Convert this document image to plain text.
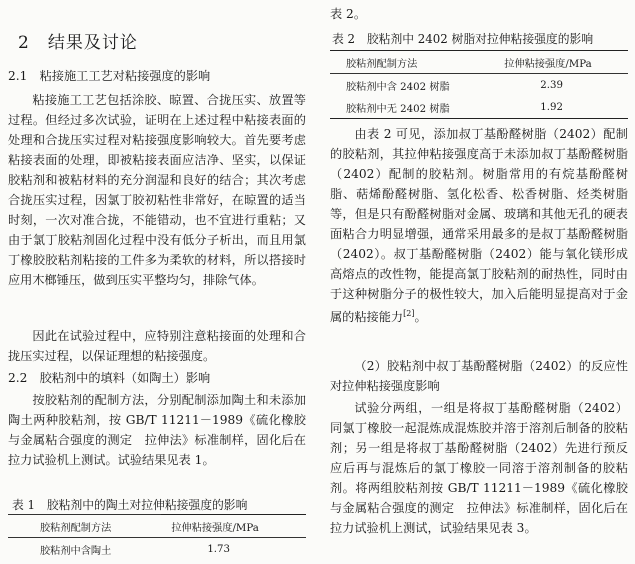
2　结果及讨论
2.1　粘接施工工艺对粘接强度的影响

粘接施工工艺包括涂胶、晾置、合拢压实、放置等过程。但经过多次试验，证明在上述过程中粘接表面的处理和合拢压实过程对粘接强度影响较大。首先要考虑粘接表面的处理，即被粘接表面应洁净、坚实，以保证胶粘剂和被粘材料的充分润湿和良好的结合；其次考虑合拢压实过程，因氯丁胶初粘性非常好，在晾置的适当时刻，一次对准合拢，不能错动，也不宜进行重粘；又由于氯丁胶粘剂固化过程中没有低分子析出，而且用氯丁橡胶胶粘剂粘接的工件多为柔软的材料，所以搭接时应用木榔锤压，做到压实平整均匀，排除气体。

因此在试验过程中，应特别注意粘接面的处理和合拢压实过程，以保证理想的粘接强度。

2.2　胶粘剂中的填料（如陶土）影响

按胶粘剂的配制方法，分别配制添加陶土和未添加陶土两种胶粘剂，按 GB/T 11211－1989《硫化橡胶与金属粘合强度的测定　拉伸法》标准制样，固化后在拉力试验机上测试。试验结果见表 1。

表 1　胶粘剂中的陶土对拉伸粘接强度的影响
胶粘剂配制方法	拉伸粘接强度/MPa
胶粘剂中含陶土	1.73
表 2。
表 2　胶粘剂中 2402 树脂对拉伸粘接强度的影响
胶粘剂配制方法	拉伸粘接强度/MPa
胶粘剂中含 2402 树脂	2.39
胶粘剂中无 2402 树脂	1.92

由表 2 可见，添加叔丁基酚醛树脂（2402）配制的胶粘剂，其拉伸粘接强度高于未添加叔丁基酚醛树脂（2402）配制的胶粘剂。树脂常用的有烷基酚醛树脂、萜烯酚醛树脂、氢化松香、松香树脂、烃类树脂等，但是只有酚醛树脂对金属、玻璃和其他无孔的硬表面粘合力明显增强，通常采用最多的是叔丁基酚醛树脂（2402）。叔丁基酚醛树脂（2402）能与氧化镁形成高熔点的改性物，能提高氯丁胶粘剂的耐热性，同时由于这种树脂分子的极性较大，加入后能明显提高对于金属的粘接能力[2]。

（2）胶粘剂中叔丁基酚醛树脂（2402）的反应性对拉伸粘接强度影响

试验分两组，一组是将叔丁基酚醛树脂（2402）同氯丁橡胶一起混炼成混炼胶并溶于溶剂后制备的胶粘剂；另一组是将叔丁基酚醛树脂（2402）先进行预反应后再与混炼后的氯丁橡胶一同溶于溶剂制备的胶粘剂。将两组胶粘剂按 GB/T 11211－1989《硫化橡胶与金属粘合强度的测定　拉伸法》标准制样，固化后在拉力试验机上测试，试验结果见表 3。
